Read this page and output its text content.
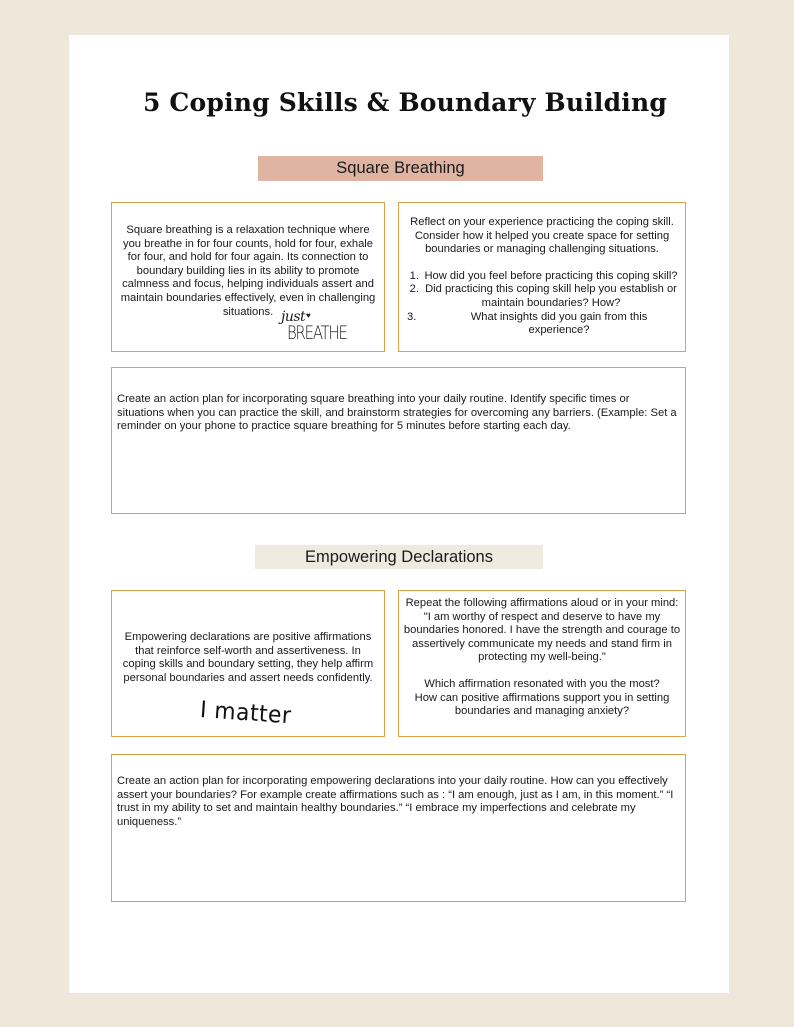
5 Coping Skills & Boundary Building
Square Breathing
Square breathing is a relaxation technique where you breathe in for four counts, hold for four, exhale for four, and hold for four again. Its connection to boundary building lies in its ability to promote calmness and focus, helping individuals assert and maintain boundaries effectively, even in challenging situations. just ♥
BREATHE
Reflect on your experience practicing the coping skill. Consider how it helped you create space for setting boundaries or managing challenging situations.
1. How did you feel before practicing this coping skill?
2. Did practicing this coping skill help you establish or maintain boundaries? How?
3.	What insights did you gain from this experience?
Create an action plan for incorporating square breathing into your daily routine. Identify specific times or situations when you can practice the skill, and brainstorm strategies for overcoming any barriers. (Example: Set a reminder on your phone to practice square breathing for 5 minutes before starting each day.
Empowering Declarations
Empowering declarations are positive affirmations that reinforce self-worth and assertiveness. In coping skills and boundary setting, they help affirm personal boundaries and assert needs confidently.
I matter
Repeat the following affirmations aloud or in your mind:
"I am worthy of respect and deserve to have my boundaries honored. I have the strength and courage to assertively communicate my needs and stand firm in protecting my well-being."
Which affirmation resonated with you the most?
How can positive affirmations support you in setting boundaries and managing anxiety?
Create an action plan for incorporating empowering declarations into your daily routine. How can you effectively assert your boundaries? For example create affirmations such as : “I am enough, just as I am, in this moment.” “I trust in my ability to set and maintain healthy boundaries.” “I embrace my imperfections and celebrate my uniqueness.”
